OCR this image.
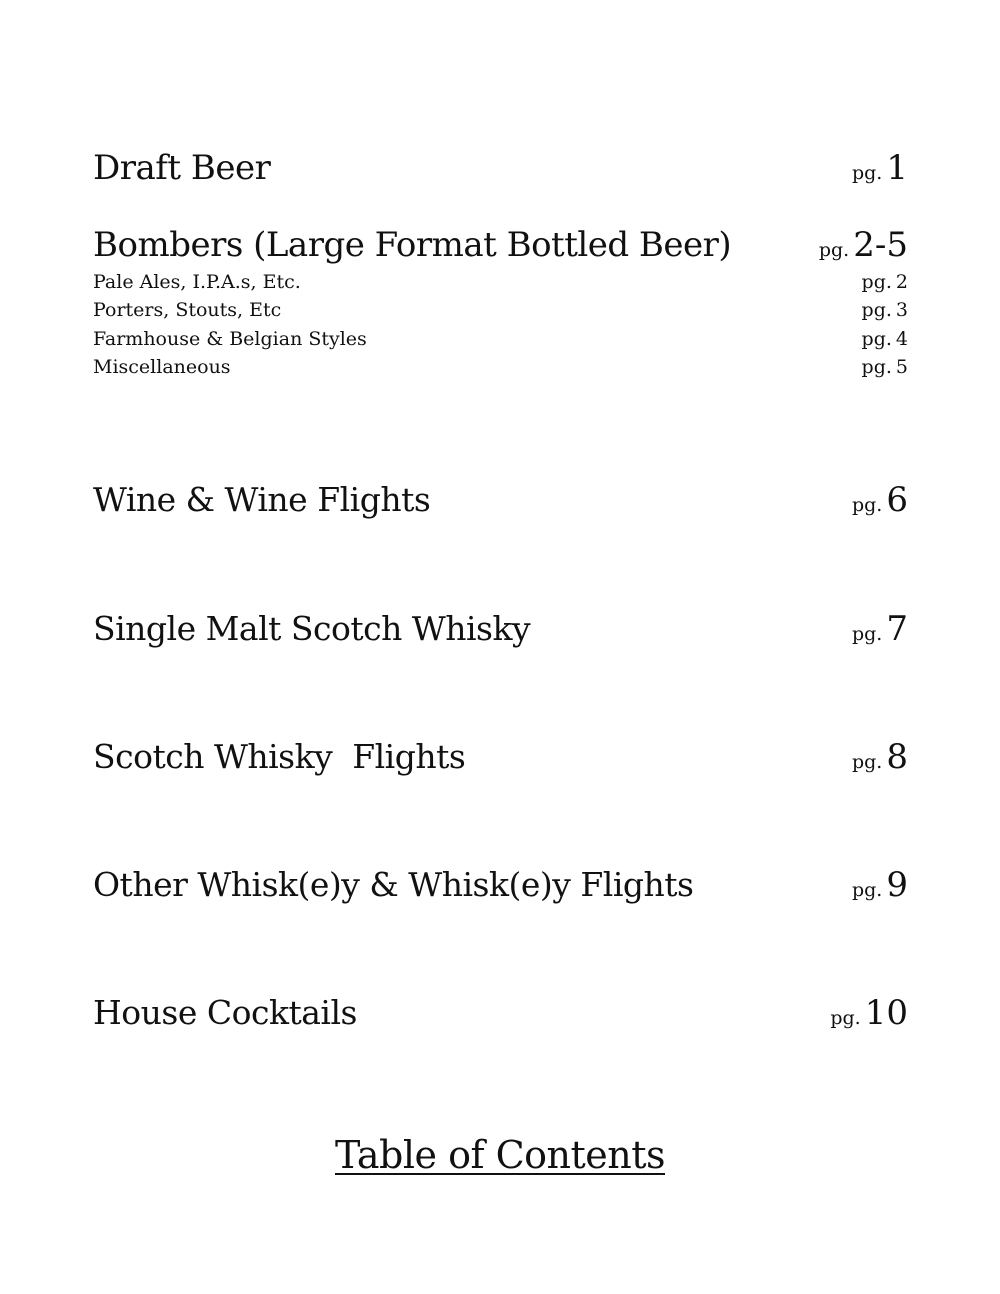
Draft Beer	pg. 1
Bombers (Large Format Bottled Beer)	pg. 2-5
Pale Ales, I.P.A.s, Etc.	pg. 2
Porters, Stouts, Etc	pg. 3
Farmhouse & Belgian Styles	pg. 4
Miscellaneous	pg. 5
Wine & Wine Flights	pg. 6
Single Malt Scotch Whisky	pg. 7
Scotch Whisky  Flights	pg. 8
Other Whisk(e)y & Whisk(e)y Flights	pg. 9
House Cocktails	pg. 10
Table of Contents
